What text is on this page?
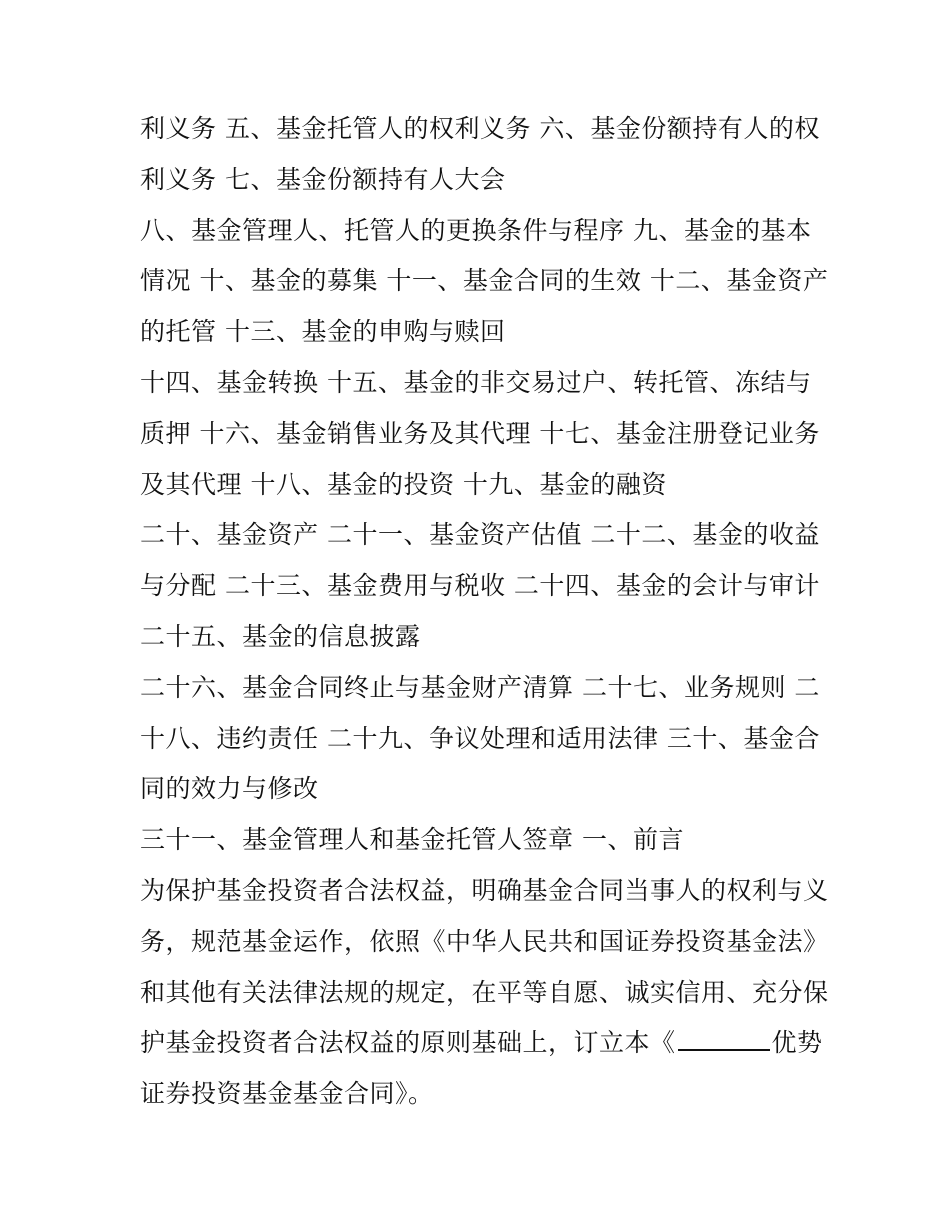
利义务 五、基金托管人的权利义务 六、基金份额持有人的权
利义务 七、基金份额持有人大会
八、基金管理人、托管人的更换条件与程序 九、基金的基本
情况 十、基金的募集 十一、基金合同的生效 十二、基金资产
的托管 十三、基金的申购与赎回
十四、基金转换 十五、基金的非交易过户、转托管、冻结与
质押 十六、基金销售业务及其代理 十七、基金注册登记业务
及其代理 十八、基金的投资 十九、基金的融资
二十、基金资产 二十一、基金资产估值 二十二、基金的收益
与分配 二十三、基金费用与税收 二十四、基金的会计与审计
二十五、基金的信息披露
二十六、基金合同终止与基金财产清算 二十七、业务规则 二
十八、违约责任 二十九、争议处理和适用法律 三十、基金合
同的效力与修改
三十一、基金管理人和基金托管人签章 一、前言
为保护基金投资者合法权益，明确基金合同当事人的权利与义
务，规范基金运作，依照《中华人民共和国证券投资基金法》
和其他有关法律法规的规定，在平等自愿、诚实信用、充分保
护基金投资者合法权益的原则基础上，订立本《	优势
证券投资基金基金合同》。
